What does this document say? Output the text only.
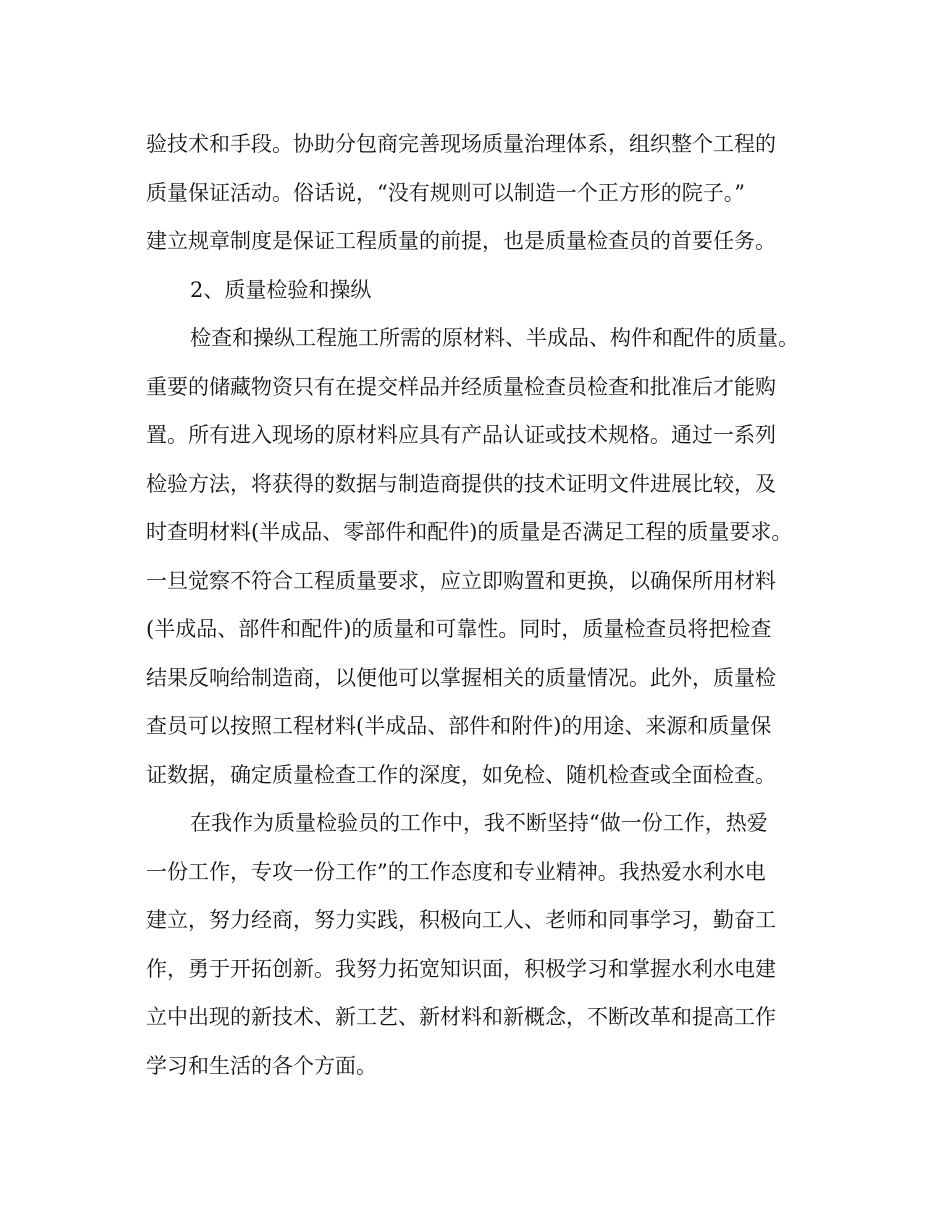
验技术和手段。协助分包商完善现场质量治理体系，组织整个工程的
质量保证活动。俗话说，“没有规则可以制造一个正方形的院子。”
建立规章制度是保证工程质量的前提，也是质量检查员的首要任务。
2、质量检验和操纵
检查和操纵工程施工所需的原材料、半成品、构件和配件的质量。
重要的储藏物资只有在提交样品并经质量检查员检查和批准后才能购
置。所有进入现场的原材料应具有产品认证或技术规格。通过一系列
检验方法，将获得的数据与制造商提供的技术证明文件进展比较，及
时查明材料(半成品、零部件和配件)的质量是否满足工程的质量要求。
一旦觉察不符合工程质量要求，应立即购置和更换，以确保所用材料
(半成品、部件和配件)的质量和可靠性。同时，质量检查员将把检查
结果反响给制造商，以便他可以掌握相关的质量情况。此外，质量检
查员可以按照工程材料(半成品、部件和附件)的用途、来源和质量保
证数据，确定质量检查工作的深度，如免检、随机检查或全面检查。
在我作为质量检验员的工作中，我不断坚持“做一份工作，热爱
一份工作，专攻一份工作”的工作态度和专业精神。我热爱水利水电
建立，努力经商，努力实践，积极向工人、老师和同事学习，勤奋工
作，勇于开拓创新。我努力拓宽知识面，积极学习和掌握水利水电建
立中出现的新技术、新工艺、新材料和新概念，不断改革和提高工作
学习和生活的各个方面。
